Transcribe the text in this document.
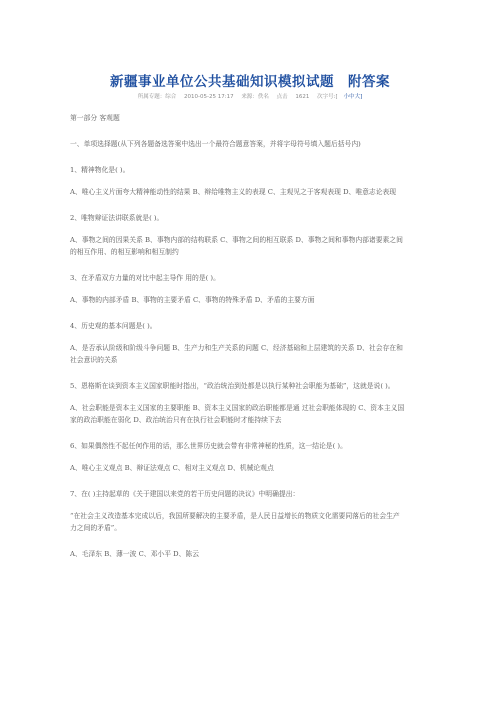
新疆事业单位公共基础知识模拟试题　附答案
所属专题：综合 2010-05-25 17:17 来源：佚名 点击 1621 次字号:[ 小中大]

第一部分 客观题

一、单项选择题(从下列各题备选答案中选出一个最符合题意答案，并将字母符号填入题后括号内)

1、精神物化是( )。

A、唯心主义片面夸大精神能动性的结果 B、辩给唯物主义的表现 C、主观见之于客观表现 D、唯意志论表现

2、唯物辩证法讲联系就是( )。

A、事物之间的因果关系 B、事物内部的结构联系 C、事物之间的相互联系 D、事物之间和事物内部诸要素之间

的相互作用、的相互影响和相互制约

3、在矛盾双方力量的对比中起主导作 用的是( )。

A、事物的内部矛盾 B、事物的主要矛盾 C、事物的特殊矛盾 D、矛盾的主要方面

4、历史观的基本问题是( )。

A、是否承认阶级和阶级斗争问题 B、生产力和生产关系的问题 C、经济基础和上层建筑的关系 D、社会存在和

社会意识的关系

5、恩格斯在谈到资本主义国家职能时指出，“政治统治到处都是以执行某种社会职能为基础”，这就是说( )。

A、社会职能是资本主义国家的主要职能 B、资本主义国家的政治职能都是通 过社会职能体现的 C、资本主义国

家的政治职能在弱化 D、政治统治只有在执行社会职能时才能持续下去

6、如果偶然性不起任何作用的话，那么世界历史就会带有非常神秘的性质，这一结论是( )。

A、唯心主义观点 B、辩证法观点 C、相对主义观点 D、机械论观点

7、在( )主持起草的《关于建国以来党的若干历史问题的决议》中明确提出：

“在社会主义改造基本完成以后，我国所要解决的主要矛盾，是人民日益增长的物质文化需要同落后的社会生产

力之间的矛盾”。

A、毛泽东 B、薄一波 C、邓小平 D、陈云
